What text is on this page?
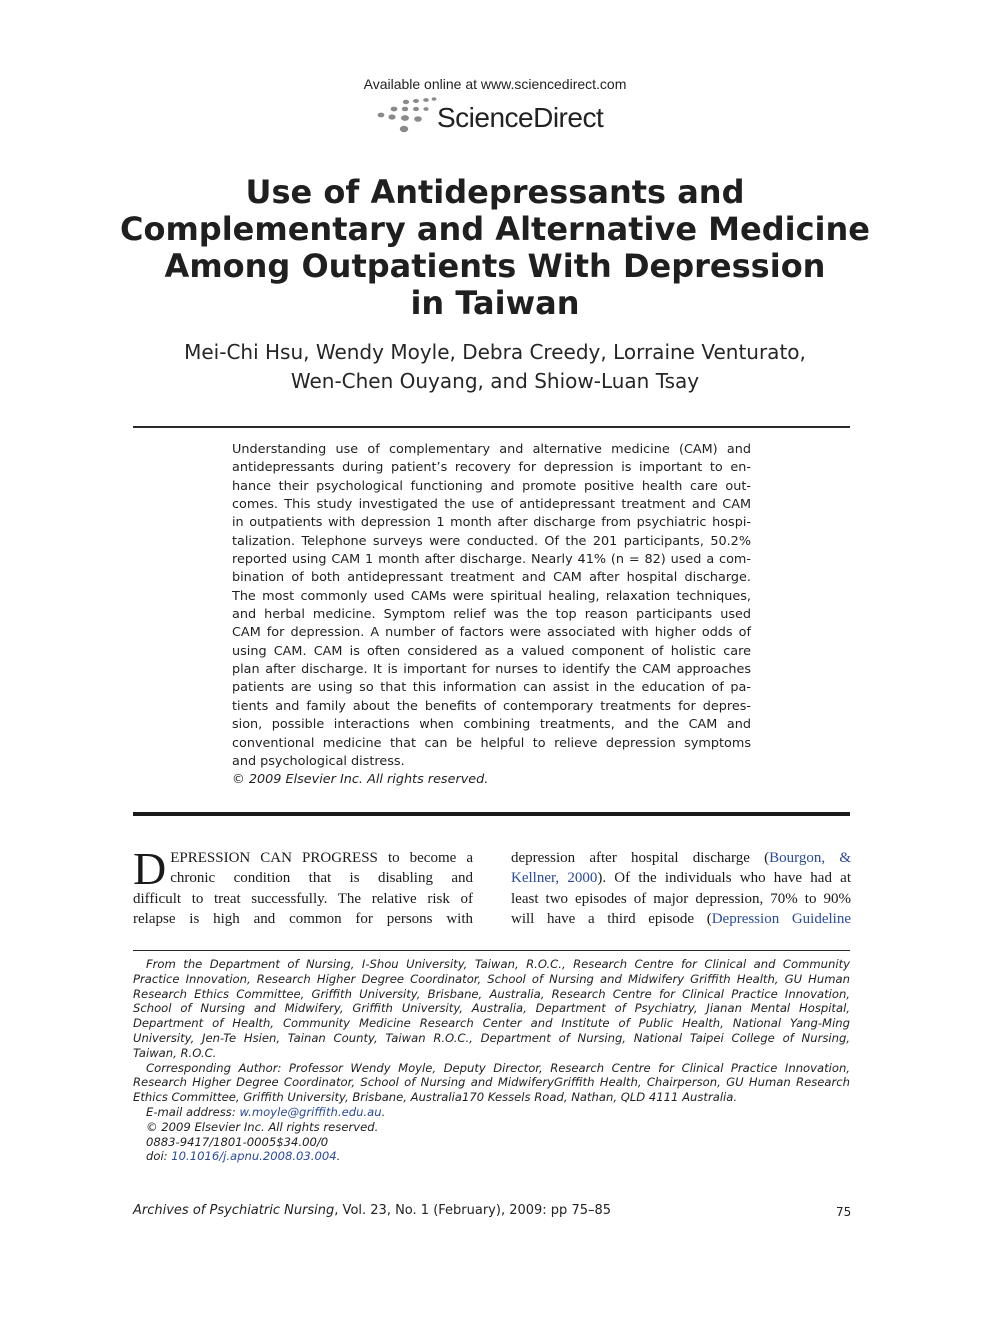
Available online at www.sciencedirect.com
ScienceDirect
Use of Antidepressants and
Complementary and Alternative Medicine
Among Outpatients With Depression
in Taiwan
Mei-Chi Hsu, Wendy Moyle, Debra Creedy, Lorraine Venturato,
Wen-Chen Ouyang, and Shiow-Luan Tsay
Understanding use of complementary and alternative medicine (CAM) and
antidepressants during patient’s recovery for depression is important to en-
hance their psychological functioning and promote positive health care out-
comes. This study investigated the use of antidepressant treatment and CAM
in outpatients with depression 1 month after discharge from psychiatric hospi-
talization. Telephone surveys were conducted. Of the 201 participants, 50.2%
reported using CAM 1 month after discharge. Nearly 41% (n = 82) used a com-
bination of both antidepressant treatment and CAM after hospital discharge.
The most commonly used CAMs were spiritual healing, relaxation techniques,
and herbal medicine. Symptom relief was the top reason participants used
CAM for depression. A number of factors were associated with higher odds of
using CAM. CAM is often considered as a valued component of holistic care
plan after discharge. It is important for nurses to identify the CAM approaches
patients are using so that this information can assist in the education of pa-
tients and family about the benefits of contemporary treatments for depres-
sion, possible interactions when combining treatments, and the CAM and
conventional medicine that can be helpful to relieve depression symptoms
and psychological distress.
© 2009 Elsevier Inc. All rights reserved.
D EPRESSION CAN PROGRESS to become a
chronic condition that is disabling and
difficult to treat successfully. The relative risk of
relapse is high and common for persons with
depression after hospital discharge (Bourgon, &
Kellner, 2000). Of the individuals who have had at
least two episodes of major depression, 70% to 90%
will have a third episode (Depression Guideline
From the Department of Nursing, I-Shou University, Taiwan, R.O.C., Research Centre for Clinical and Community
Practice Innovation, Research Higher Degree Coordinator, School of Nursing and Midwifery Griffith Health, GU Human
Research Ethics Committee, Griffith University, Brisbane, Australia, Research Centre for Clinical Practice Innovation,
School of Nursing and Midwifery, Griffith University, Australia, Department of Psychiatry, Jianan Mental Hospital,
Department of Health, Community Medicine Research Center and Institute of Public Health, National Yang-Ming
University, Jen-Te Hsien, Tainan County, Taiwan R.O.C., Department of Nursing, National Taipei College of Nursing,
Taiwan, R.O.C.
Corresponding Author: Professor Wendy Moyle, Deputy Director, Research Centre for Clinical Practice Innovation,
Research Higher Degree Coordinator, School of Nursing and MidwiferyGriffith Health, Chairperson, GU Human Research
Ethics Committee, Griffith University, Brisbane, Australia170 Kessels Road, Nathan, QLD 4111 Australia.
E-mail address: w.moyle@griffith.edu.au.
© 2009 Elsevier Inc. All rights reserved.
0883-9417/1801-0005$34.00/0
doi: 10.1016/j.apnu.2008.03.004.
Archives of Psychiatric Nursing, Vol. 23, No. 1 (February), 2009: pp 75–85	75
